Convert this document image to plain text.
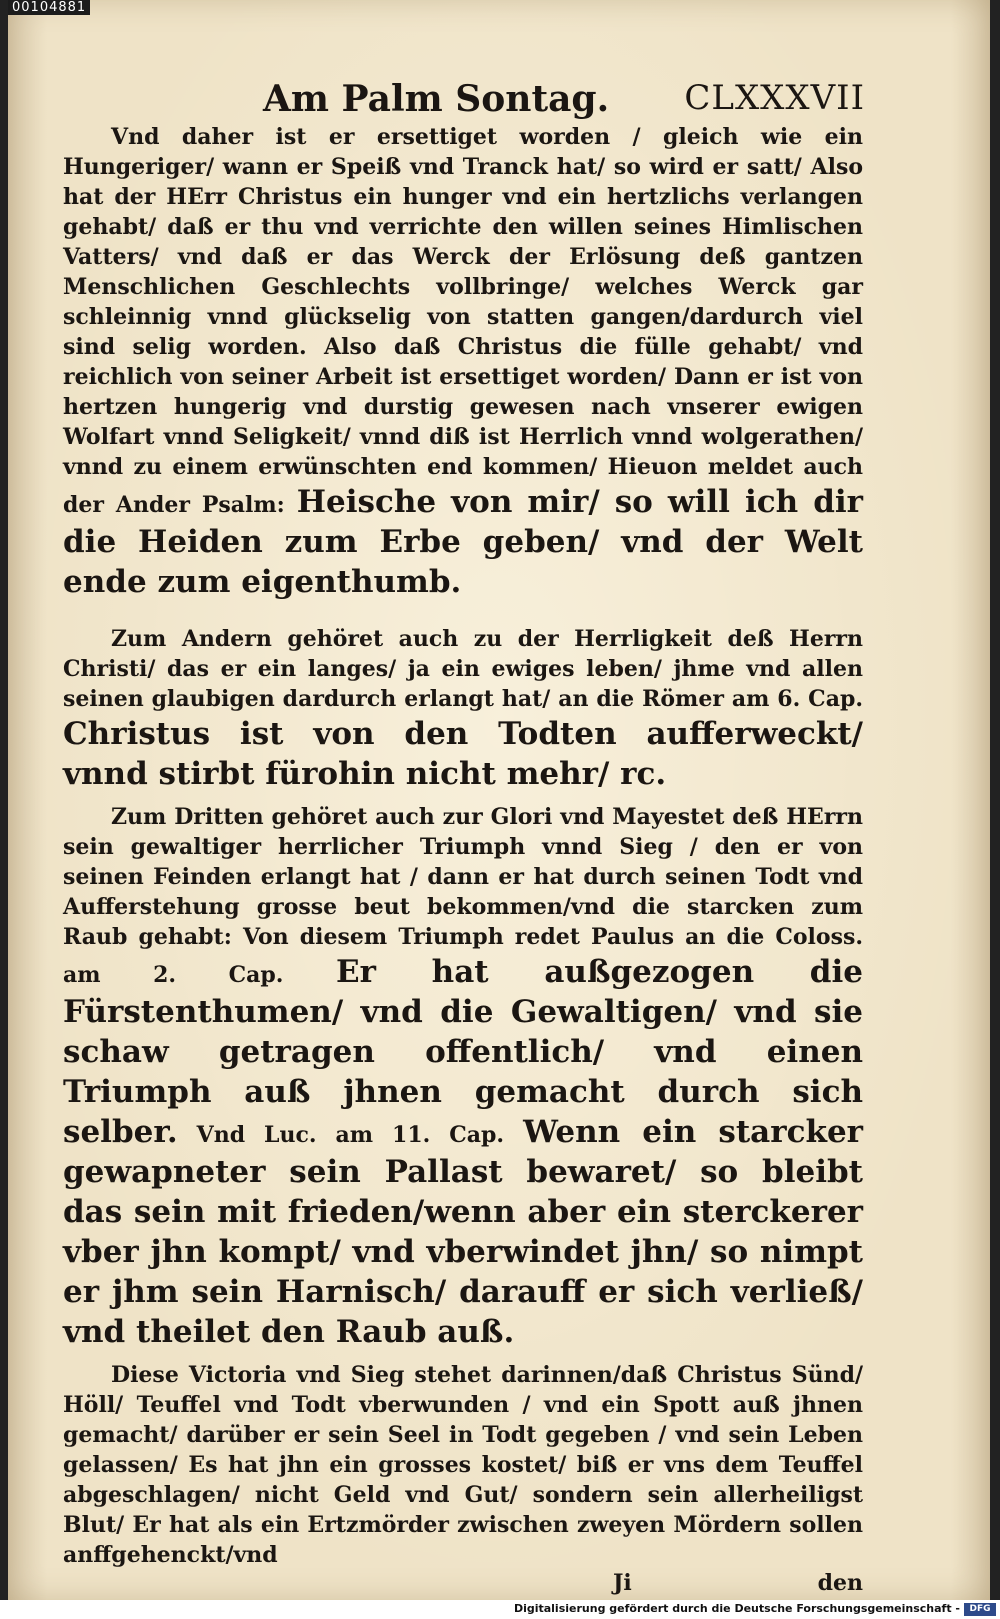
00104881
Am Palm Sontag. CLXXXVII

Vnd daher ist er ersettiget worden / gleich wie ein Hungeriger/ wann er Speiß vnd Tranck hat/ so wird er satt/ Also hat der HErr Christus ein hunger vnd ein hertzlichs verlangen gehabt/ daß er thu vnd verrichte den willen seines Himlischen Vatters/ vnd daß er das Werck der Erlösung deß gantzen Menschlichen Geschlechts vollbringe/ welches Werck gar schleinnig vnnd glückselig von statten gangen/dardurch viel sind selig worden. Also daß Christus die fülle gehabt/ vnd reichlich von seiner Arbeit ist ersettiget worden/ Dann er ist von hertzen hungerig vnd durstig gewesen nach vnserer ewigen Wolfart vnnd Seligkeit/ vnnd diß ist Herrlich vnnd wolgerathen/ vnnd zu einem erwünschten end kommen/ Hieuon meldet auch der Ander Psalm: Heische von mir/ so will ich dir die Heiden zum Erbe geben/ vnd der Welt ende zum eigenthumb.

Zum Andern gehöret auch zu der Herrligkeit deß Herrn Christi/ das er ein langes/ ja ein ewiges leben/ jhme vnd allen seinen glaubigen dardurch erlangt hat/ an die Römer am 6. Cap. Christus ist von den Todten aufferweckt/ vnnd stirbt fürohin nicht mehr/ rc.

Zum Dritten gehöret auch zur Glori vnd Mayestet deß HErrn sein gewaltiger herrlicher Triumph vnnd Sieg / den er von seinen Feinden erlangt hat / dann er hat durch seinen Todt vnd Aufferstehung grosse beut bekommen/vnd die starcken zum Raub gehabt: Von diesem Triumph redet Paulus an die Coloss. am 2. Cap. Er hat außgezogen die Fürstenthumen/ vnd die Gewaltigen/ vnd sie schaw getragen offentlich/ vnd einen Triumph auß jhnen gemacht durch sich selber. Vnd Luc. am 11. Cap. Wenn ein starcker gewapneter sein Pallast bewaret/ so bleibt das sein mit frieden/wenn aber ein sterckerer vber jhn kompt/ vnd vberwindet jhn/ so nimpt er jhm sein Harnisch/ darauff er sich verließ/ vnd theilet den Raub auß.

Diese Victoria vnd Sieg stehet darinnen/daß Christus Sünd/ Höll/ Teuffel vnd Todt vberwunden / vnd ein Spott auß jhnen gemacht/ darüber er sein Seel in Todt gegeben / vnd sein Leben gelassen/ Es hat jhn ein grosses kostet/ biß er vns dem Teuffel abgeschlagen/ nicht Geld vnd Gut/ sondern sein allerheiligst Blut/ Er hat als ein Ertzmörder zwischen zweyen Mördern sollen anffgehenckt/vnd

Ji	den
Digitalisierung gefördert durch die Deutsche Forschungsgemeinschaft -	DFG
